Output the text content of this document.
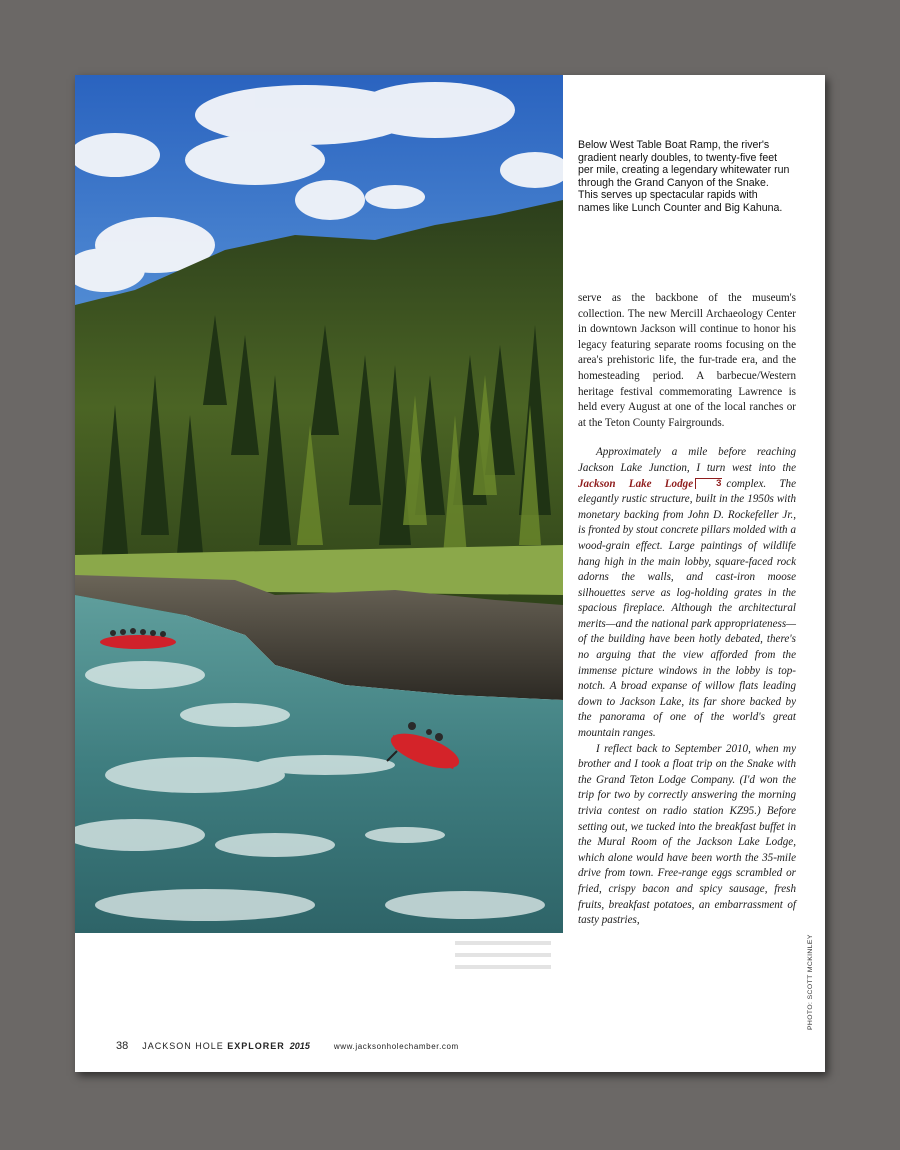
Below West Table Boat Ramp, the river's gradient nearly doubles, to twenty-five feet per mile, creating a legendary whitewater run through the Grand Canyon of the Snake. This serves up spectacular rapids with names like Lunch Counter and Big Kahuna.

serve as the backbone of the museum's collection. The new Mercill Archaeology Center in downtown Jackson will continue to honor his legacy featuring separate rooms focusing on the area's prehistoric life, the fur-trade era, and the homesteading period. A barbecue/Western heritage festival commemorating Lawrence is held every August at one of the local ranches or at the Teton County Fairgrounds.

Approximately a mile before reaching Jackson Lake Junction, I turn west into the Jackson Lake Lodge 3 complex. The elegantly rustic structure, built in the 1950s with monetary backing from John D. Rockefeller Jr., is fronted by stout concrete pillars molded with a wood-grain effect. Large paintings of wildlife hang high in the main lobby, square-faced rock adorns the walls, and cast-iron moose silhouettes serve as log-holding grates in the spacious fireplace. Although the architectural merits—and the national park appropriateness—of the building have been hotly debated, there's no arguing that the view afforded from the immense picture windows in the lobby is top-notch. A broad expanse of willow flats leading down to Jackson Lake, its far shore backed by the panorama of one of the world's great mountain ranges.

I reflect back to September 2010, when my brother and I took a float trip on the Snake with the Grand Teton Lodge Company. (I'd won the trip for two by correctly answering the morning trivia contest on radio station KZ95.) Before setting out, we tucked into the breakfast buffet in the Mural Room of the Jackson Lake Lodge, which alone would have been worth the 35-mile drive from town. Free-range eggs scrambled or fried, crispy bacon and spicy sausage, fresh fruits, breakfast potatoes, an embarrassment of tasty pastries,

PHOTO: SCOTT MCKINLEY
38 JACKSON HOLE EXPLORER 2015	www.jacksonholechamber.com
